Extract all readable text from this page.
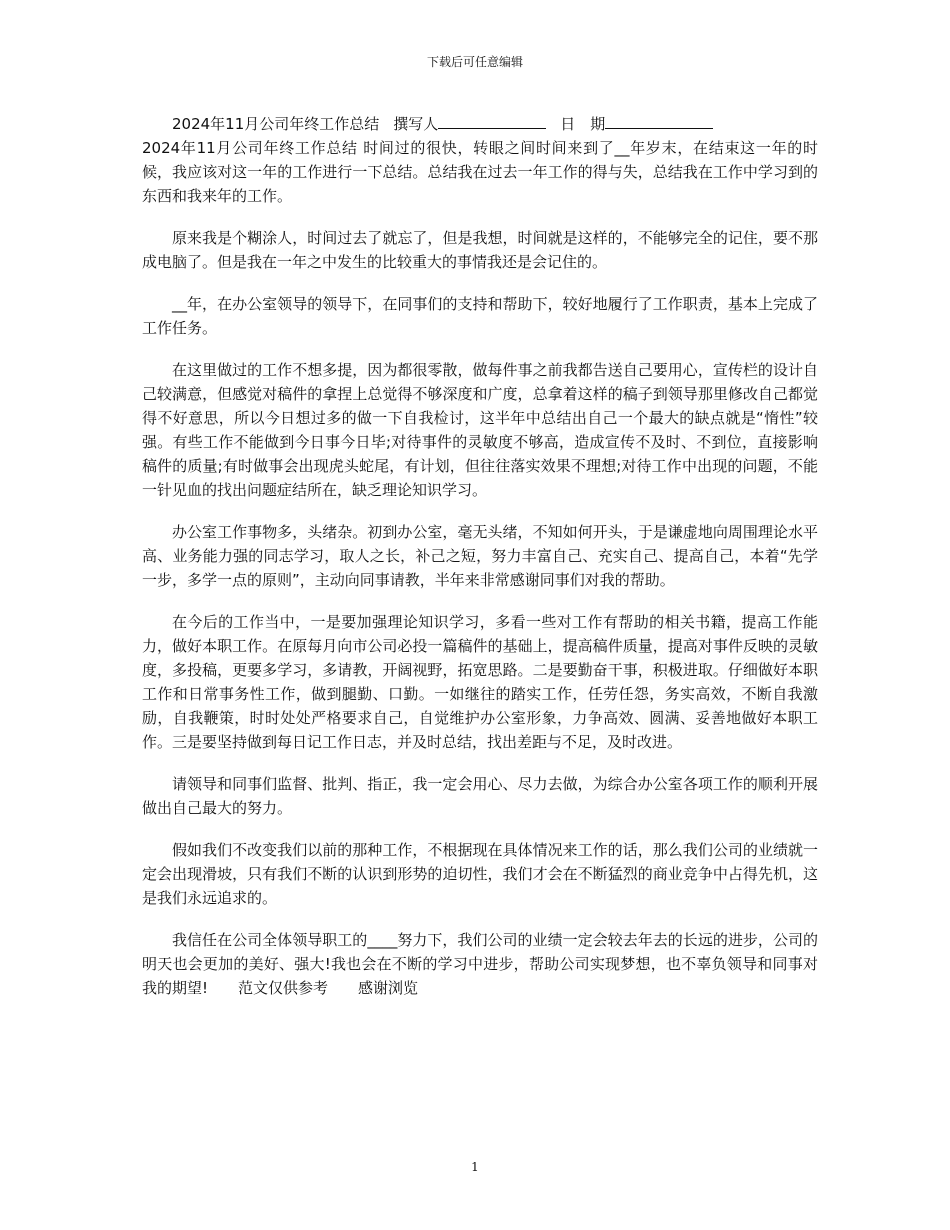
下载后可任意编辑

2024年11月公司年终工作总结 撰写人	日　期

2024年11月公司年终工作总结 时间过的很快，转眼之间时间来到了__年岁末，在结束这一年的时候，我应该对这一年的工作进行一下总结。总结我在过去一年工作的得与失，总结我在工作中学习到的东西和我来年的工作。

原来我是个糊涂人，时间过去了就忘了，但是我想，时间就是这样的，不能够完全的记住，要不那成电脑了。但是我在一年之中发生的比较重大的事情我还是会记住的。

__年，在办公室领导的领导下，在同事们的支持和帮助下，较好地履行了工作职责，基本上完成了工作任务。

在这里做过的工作不想多提，因为都很零散，做每件事之前我都告送自己要用心，宣传栏的设计自己较满意，但感觉对稿件的拿捏上总觉得不够深度和广度，总拿着这样的稿子到领导那里修改自己都觉得不好意思，所以今日想过多的做一下自我检讨，这半年中总结出自己一个最大的缺点就是“惰性”较强。有些工作不能做到今日事今日毕;对待事件的灵敏度不够高，造成宣传不及时、不到位，直接影响稿件的质量;有时做事会出现虎头蛇尾，有计划，但往往落实效果不理想;对待工作中出现的问题，不能一针见血的找出问题症结所在，缺乏理论知识学习。

办公室工作事物多，头绪杂。初到办公室，毫无头绪，不知如何开头，于是谦虚地向周围理论水平高、业务能力强的同志学习，取人之长，补己之短，努力丰富自己、充实自己、提高自己，本着“先学一步，多学一点的原则”，主动向同事请教，半年来非常感谢同事们对我的帮助。

在今后的工作当中，一是要加强理论知识学习，多看一些对工作有帮助的相关书籍，提高工作能力，做好本职工作。在原每月向市公司必投一篇稿件的基础上，提高稿件质量，提高对事件反映的灵敏度，多投稿，更要多学习，多请教，开阔视野，拓宽思路。二是要勤奋干事，积极进取。仔细做好本职工作和日常事务性工作，做到腿勤、口勤。一如继往的踏实工作，任劳任怨，务实高效，不断自我激励，自我鞭策，时时处处严格要求自己，自觉维护办公室形象，力争高效、圆满、妥善地做好本职工作。三是要坚持做到每日记工作日志，并及时总结，找出差距与不足，及时改进。

请领导和同事们监督、批判、指正，我一定会用心、尽力去做，为综合办公室各项工作的顺利开展做出自己最大的努力。

假如我们不改变我们以前的那种工作，不根据现在具体情况来工作的话，那么我们公司的业绩就一定会出现滑坡，只有我们不断的认识到形势的迫切性，我们才会在不断猛烈的商业竞争中占得先机，这是我们永远追求的。

我信任在公司全体领导职工的____努力下，我们公司的业绩一定会较去年去的长远的进步，公司的明天也会更加的美好、强大!我也会在不断的学习中进步，帮助公司实现梦想，也不辜负领导和同事对我的期望!　　范文仅供参考　　感谢浏览

1
